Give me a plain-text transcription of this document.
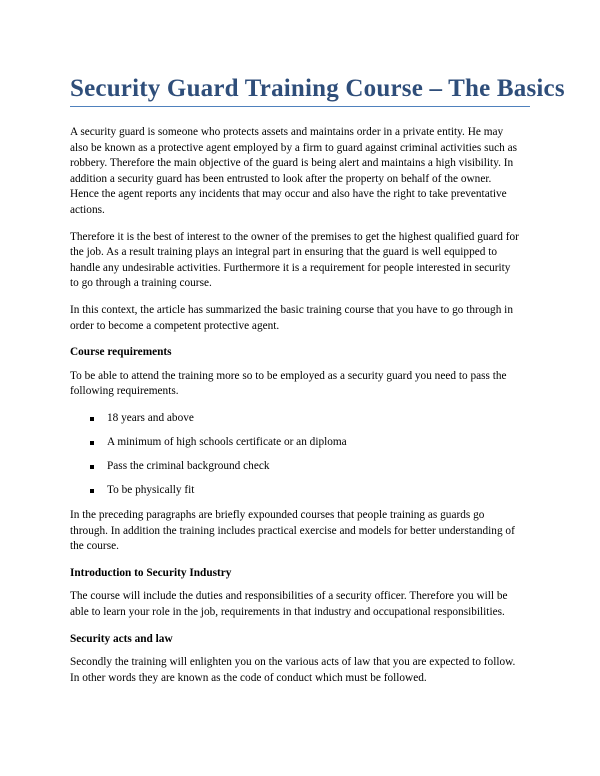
Security Guard Training Course – The Basics

A security guard is someone who protects assets and maintains order in a private entity. He may also be known as a protective agent employed by a firm to guard against criminal activities such as robbery. Therefore the main objective of the guard is being alert and maintains a high visibility. In addition a security guard has been entrusted to look after the property on behalf of the owner. Hence the agent reports any incidents that may occur and also have the right to take preventative actions.

Therefore it is the best of interest to the owner of the premises to get the highest qualified guard for the job. As a result training plays an integral part in ensuring that the guard is well equipped to handle any undesirable activities. Furthermore it is a requirement for people interested in security to go through a training course.

In this context, the article has summarized the basic training course that you have to go through in order to become a competent protective agent.

Course requirements

To be able to attend the training more so to be employed as a security guard you need to pass the following requirements.

18 years and above
A minimum of high schools certificate or an diploma
Pass the criminal background check
To be physically fit

In the preceding paragraphs are briefly expounded courses that people training as guards go through. In addition the training includes practical exercise and models for better understanding of the course.

Introduction to Security Industry

The course will include the duties and responsibilities of a security officer. Therefore you will be able to learn your role in the job, requirements in that industry and occupational responsibilities.

Security acts and law

Secondly the training will enlighten you on the various acts of law that you are expected to follow. In other words they are known as the code of conduct which must be followed.
